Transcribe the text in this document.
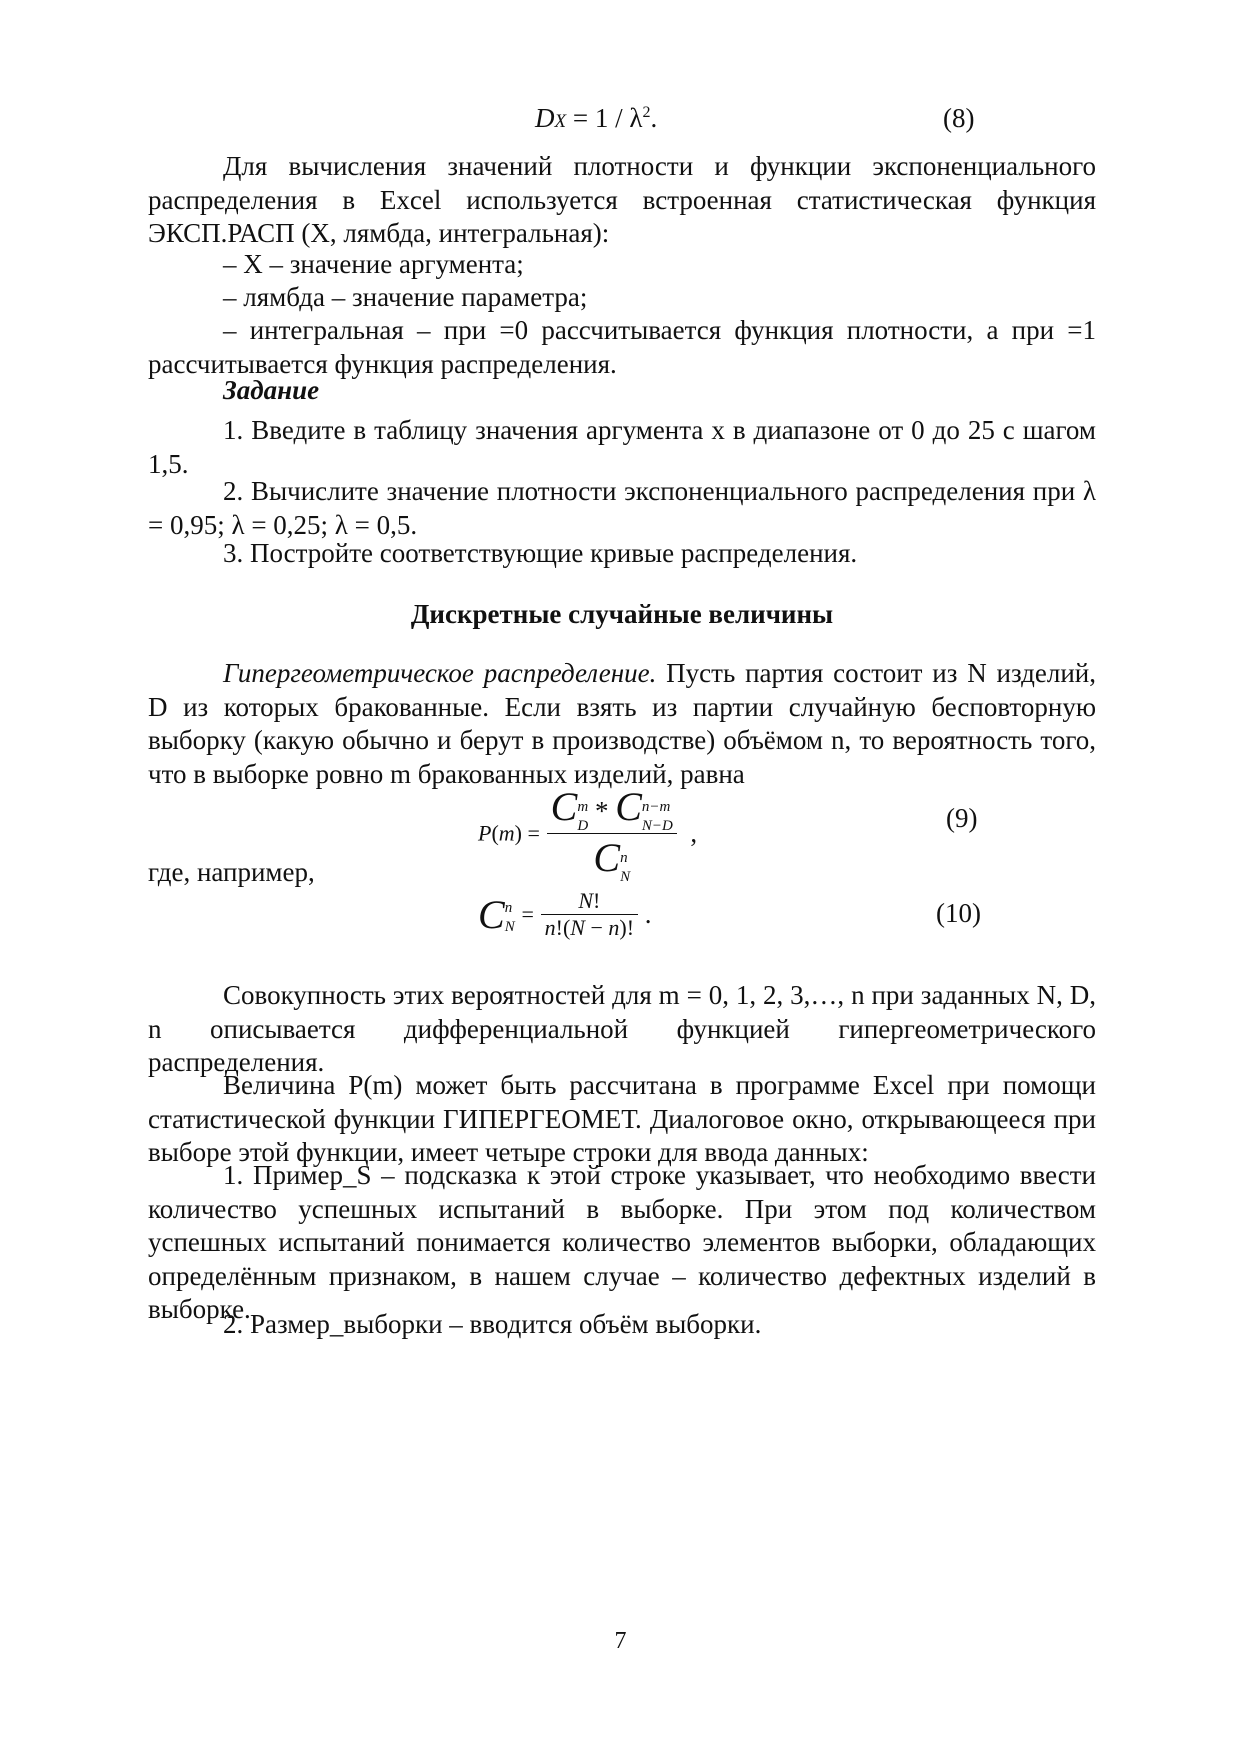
DX = $1 / \lambda^2$.	(8)

Для вычисления значений плотности и функции экспоненциального распределения в Excel используется встроенная статистическая функция ЭКСП.РАСП (X, лямбда, интегральная):

– X – значение аргумента;

– лямбда – значение параметра;

– интегральная – при =0 рассчитывается функция плотности, а при =1 рассчитывается функция распределения.

Задание

1. Введите в таблицу значения аргумента x в диапазоне от 0 до 25 с шагом 1,5.

2. Вычислите значение плотности экспоненциального распределения при λ = 0,95; λ = 0,25; λ = 0,5.

3. Постройте соответствующие кривые распределения.

Дискретные случайные величины

Гипергеометрическое распределение. Пусть партия состоит из N изделий, D из которых бракованные. Если взять из партии случайную бесповторную выборку (какую обычно и берут в производстве) объёмом n, то вероятность того, что в выборке ровно m бракованных изделий, равна

P(m) =
Cm
D * Cn−m
N−D
Cn
N
,	(9)

где, например,

Cn
$N = \frac{N!}{n!(N - n)!}$ .	(10)

Совокупность этих вероятностей для m = 0, 1, 2, 3,…, n при заданных N, D, n описывается дифференциальной функцией гипергеометрического распределения.

Величина P(m) может быть рассчитана в программе Excel при помощи статистической функции ГИПЕРГЕОМЕТ. Диалоговое окно, открывающееся при выборе этой функции, имеет четыре строки для ввода данных:

1. Пример_S – подсказка к этой строке указывает, что необходимо ввести количество успешных испытаний в выборке. При этом под количеством успешных испытаний понимается количество элементов выборки, обладающих определённым признаком, в нашем случае – количество дефектных изделий в выборке.

2. Размер_выборки – вводится объём выборки.

7
